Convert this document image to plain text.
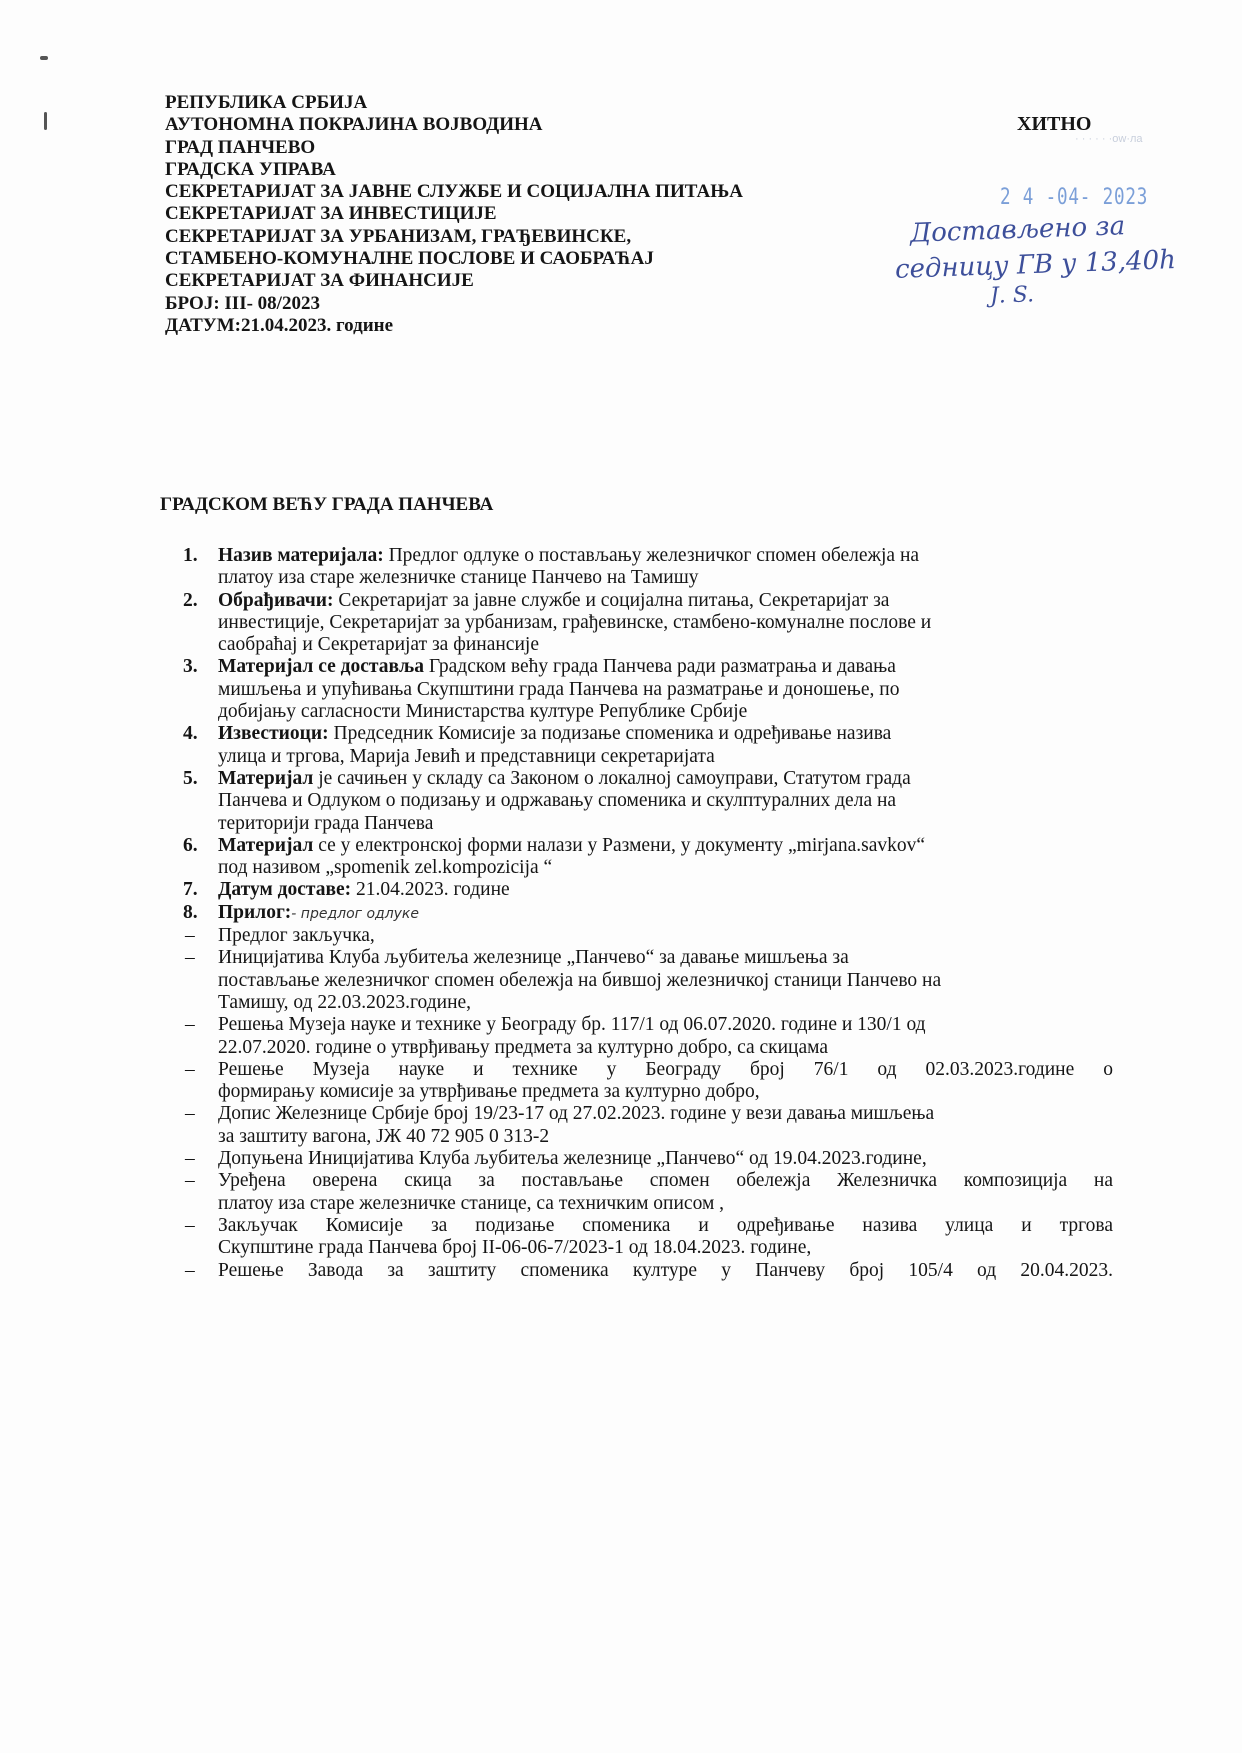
РЕПУБЛИКА СРБИЈА
АУТОНОМНА ПОКРАЈИНА ВОЈВОДИНА
ГРАД ПАНЧЕВО
ГРАДСКА УПРАВА
СЕКРЕТАРИЈАТ ЗА ЈАВНЕ СЛУЖБЕ И СОЦИЈАЛНА ПИТАЊА
СЕКРЕТАРИЈАТ ЗА ИНВЕСТИЦИЈЕ
СЕКРЕТАРИЈАТ ЗА УРБАНИЗАМ, ГРАЂЕВИНСКЕ,
СТАМБЕНО-КОМУНАЛНЕ ПОСЛОВЕ И САОБРАЋАЈ
СЕКРЕТАРИЈАТ ЗА ФИНАНСИЈЕ
БРОЈ: III- 08/2023
ДАТУМ:21.04.2023. године
ХИТНО
· · · · · ·ow·ла
2 4 -04- 2023
Достављено за
седницу ГВ у 13,40h
Ј. S.
ГРАДСКОМ ВЕЋУ ГРАДА ПАНЧЕВА
1. Назив материјала: Предлог одлуке о постављању железничког спомен обележја на
платоу иза старе железничке станице Панчево на Тамишу
2. Обрађивачи: Секретаријат за јавне службе и социјална питања, Секретаријат за
инвестиције, Секретаријат за урбанизам, грађевинске, стамбено-комуналне послове и
саобраћај и Секретаријат за финансије
3. Материјал се доставља Градском већу града Панчева ради разматрања и давања
мишљења и упућивања Скупштини града Панчева на разматрање и доношење, по
добијању сагласности Министарства културе Републике Србије
4. Известиоци: Председник Комисије за подизање споменика и одређивање назива
улица и тргова, Марија Јевић и представници секретаријата
5. Материјал је сачињен у складу са Законом о локалној самоуправи, Статутом града
Панчева и Одлуком о подизању и одржавању споменика и скулптуралних дела на
територији града Панчева
6. Материјал се у електронској форми налази у Размени, у документу „mirjana.savkov“
под називом „spomenik zel.kompozicija “
7. Датум доставе: 21.04.2023. године
8. Прилог:- предлог одлуке
– Предлог закључка,
– Иницијатива Клуба љубитеља железнице „Панчево“ за давање мишљења за
постављање железничког спомен обележја на бившој железничкој станици Панчево на
Тамишу, од 22.03.2023.године,
– Решења Музеја науке и технике у Београду бр. 117/1 од 06.07.2020. године и 130/1 од
22.07.2020. године о утврђивању предмета за културно добро, са скицама
– Решење Музеја науке и технике у Београду број 76/1 од 02.03.2023.године о
формирању комисије за утврђивање предмета за културно добро,
– Допис Железнице Србије број 19/23-17 од 27.02.2023. године у вези давања мишљења
за заштиту вагона, ЈЖ 40 72 905 0 313-2
– Допуњена Иницијатива Клуба љубитеља железнице „Панчево“ од 19.04.2023.године,
– Уређена оверена скица за постављање спомен обележја Железничка композиција на
платоу иза старе железничке станице, са техничким описом ,
– Закључак Комисије за подизање споменика и одређивање назива улица и тргова
Скупштине града Панчева број II-06-06-7/2023-1 од 18.04.2023. године,
– Решење Завода за заштиту споменика културе у Панчеву број 105/4 од 20.04.2023.
